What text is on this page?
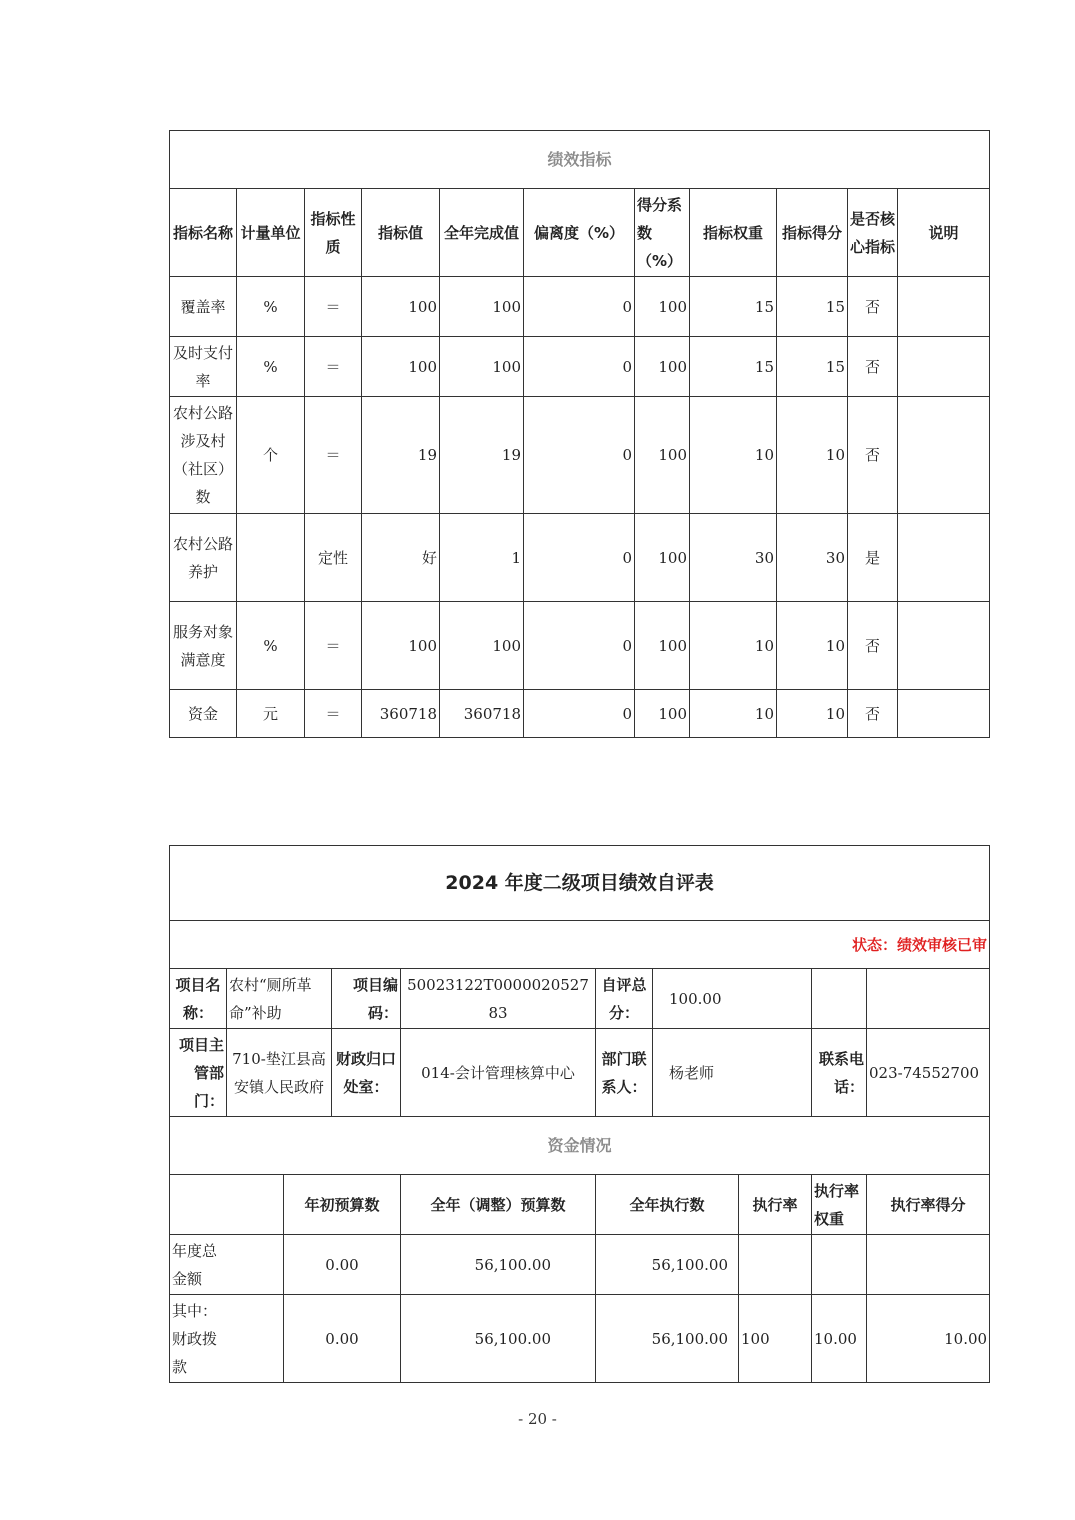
绩效指标										
指标名称	计量单位	指标性质	指标值	全年完成值	偏离度（%）	得分系数（%）	指标权重	指标得分	是否核心指标	说明
覆盖率	%	＝	100	100	0	100	15	15	否	
及时支付率	%	＝	100	100	0	100	15	15	否	
农村公路涉及村（社区）数	个	＝	19	19	0	100	10	10	否	
农村公路养护		定性	好	1	0	100	30	30	是	
服务对象满意度	%	＝	100	100	0	100	10	10	否	
资金	元	＝	360718	360718	0	100	10	10	否	
2024 年度二级项目绩效自评表									
状态：绩效审核已审									
项目名称：	农村“厕所革命”补助		项目编码：	50023122T000002052783	自评总分：	100.00			
项目主管部门：	710-垫江县高安镇人民政府		财政归口处室：	014-会计管理核算中心	部门联系人：	杨老师		联系电话：	023-74552700
资金情况									
		年初预算数		全年（调整）预算数	全年执行数		执行率	执行率权重	执行率得分
年度总金额		0.00		56,100.00	56,100.00				
其中：财政拨款		0.00		56,100.00	56,100.00		100	10.00	10.00
- 20 -
